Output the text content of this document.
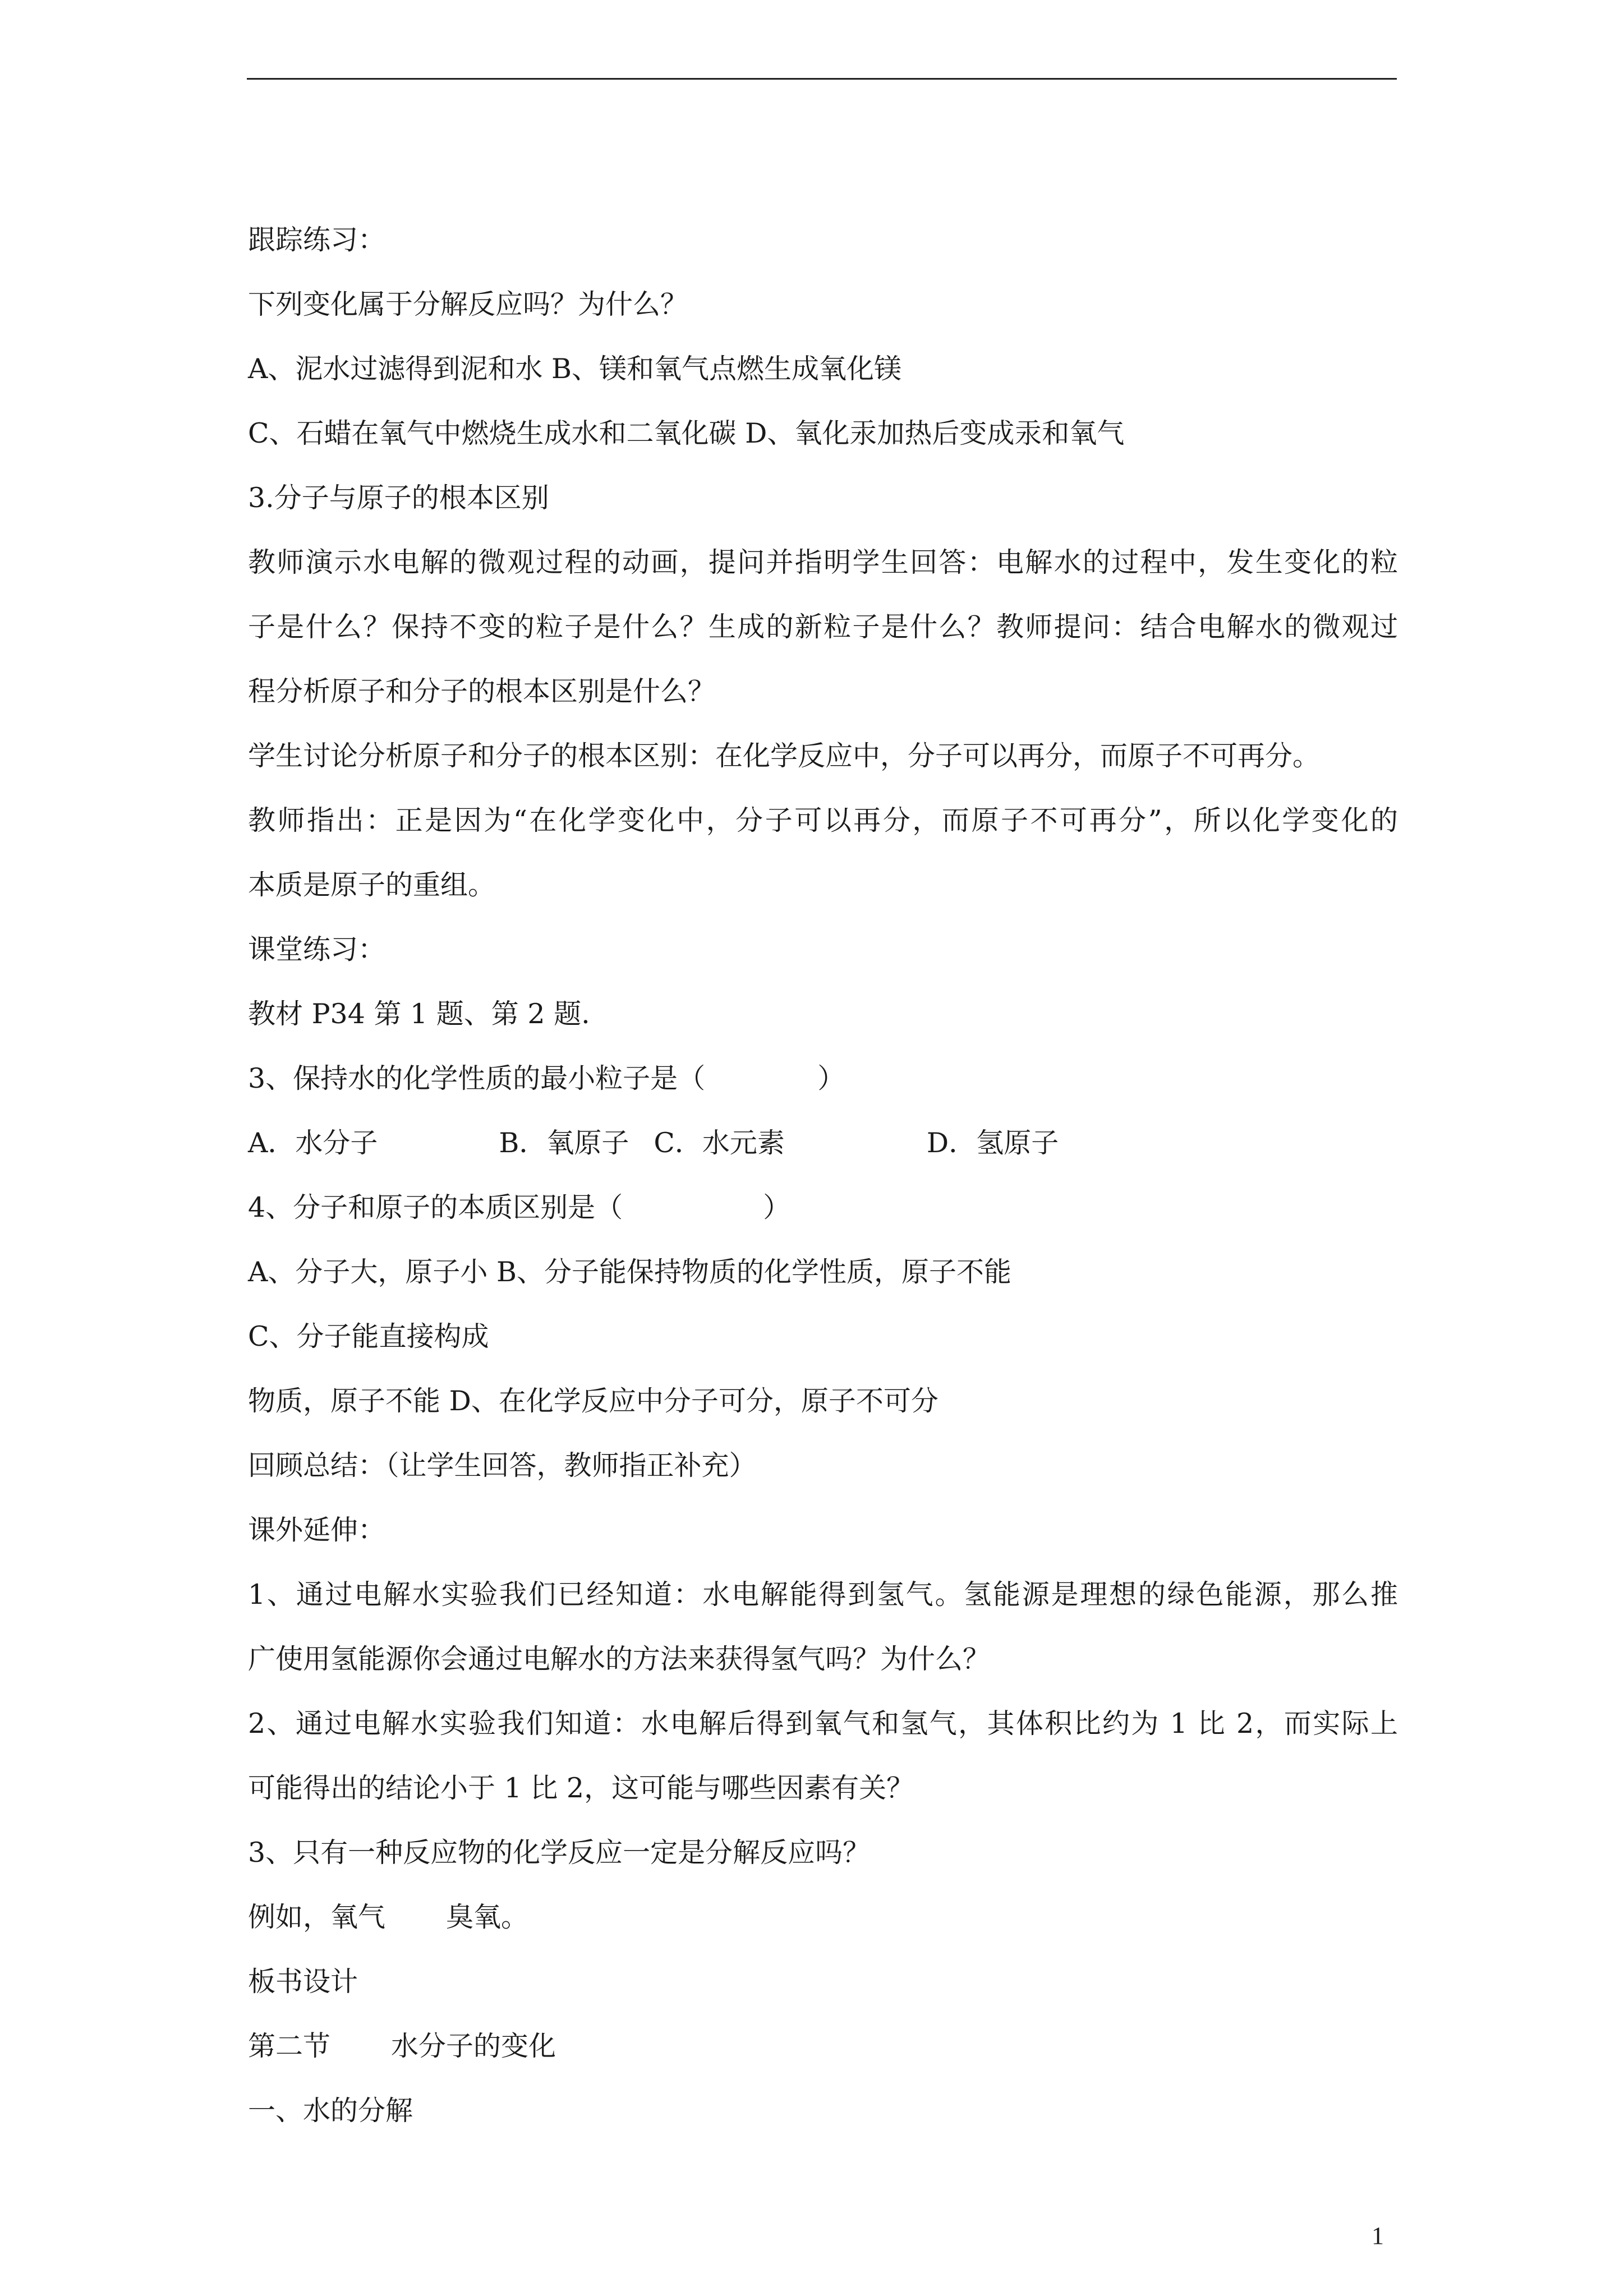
跟踪练习：

下列变化属于分解反应吗？为什么？

A、泥水过滤得到泥和水 B、镁和氧气点燃生成氧化镁

C、石蜡在氧气中燃烧生成水和二氧化碳 D、氧化汞加热后变成汞和氧气

3.分子与原子的根本区别

教师演示水电解的微观过程的动画，提问并指明学生回答：电解水的过程中，发生变化的粒

子是什么？保持不变的粒子是什么？生成的新粒子是什么？教师提问：结合电解水的微观过

程分析原子和分子的根本区别是什么？

学生讨论分析原子和分子的根本区别：在化学反应中，分子可以再分，而原子不可再分。

教师指出：正是因为“在化学变化中，分子可以再分，而原子不可再分”，所以化学变化的

本质是原子的重组。

课堂练习：

教材 P34 第 1 题、第 2 题.

3、保持水的化学性质的最小粒子是（	）

A．水分子	B．氧原子 C．水元素	D．氢原子

4、分子和原子的本质区别是（	）

A、分子大，原子小 B、分子能保持物质的化学性质，原子不能

C、分子能直接构成

物质，原子不能 D、在化学反应中分子可分，原子不可分

回顾总结：（让学生回答，教师指正补充）

课外延伸：

1、通过电解水实验我们已经知道：水电解能得到氢气。氢能源是理想的绿色能源，那么推

广使用氢能源你会通过电解水的方法来获得氢气吗？为什么？

2、通过电解水实验我们知道：水电解后得到氧气和氢气，其体积比约为 1 比 2，而实际上

可能得出的结论小于 1 比 2，这可能与哪些因素有关？

3、只有一种反应物的化学反应一定是分解反应吗？

例如，氧气 臭氧。

板书设计

第二节 水分子的变化

一、水的分解

1
